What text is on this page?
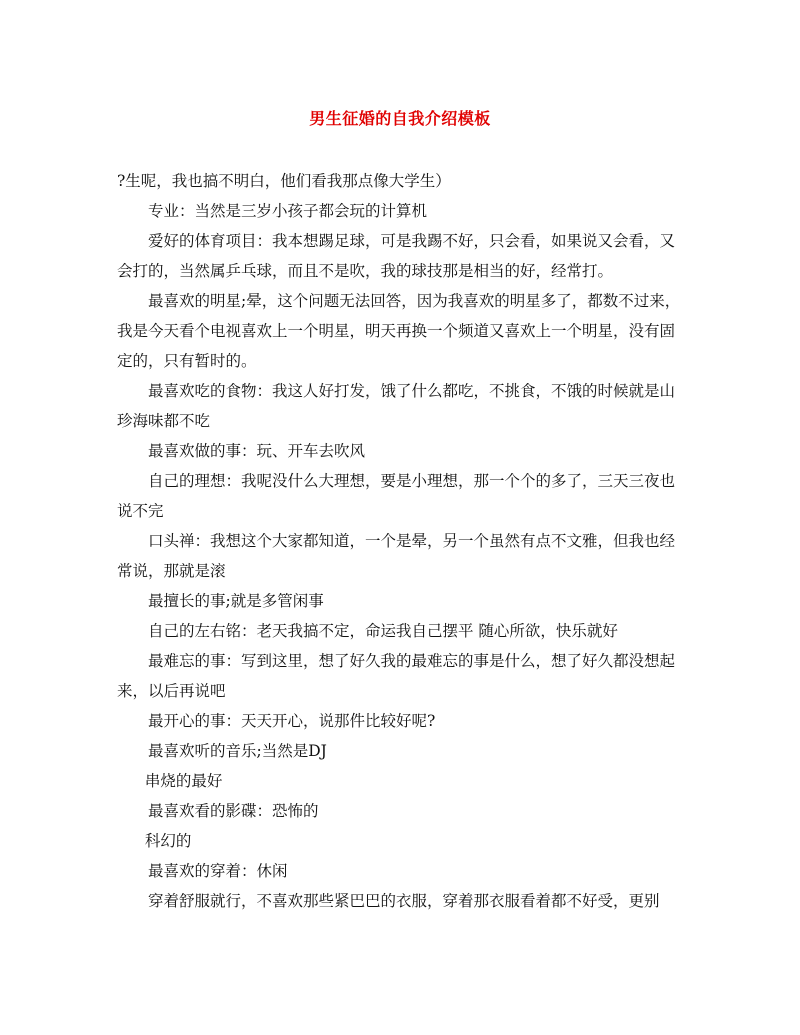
男生征婚的自我介绍模板

?生呢，我也搞不明白，他们看我那点像大学生）

专业：当然是三岁小孩子都会玩的计算机

爱好的体育项目：我本想踢足球，可是我踢不好，只会看，如果说又会看，又会打的，当然属乒乓球，而且不是吹，我的球技那是相当的好，经常打。

最喜欢的明星;晕，这个问题无法回答，因为我喜欢的明星多了，都数不过来，我是今天看个电视喜欢上一个明星，明天再换一个频道又喜欢上一个明星，没有固定的，只有暂时的。

最喜欢吃的食物：我这人好打发，饿了什么都吃，不挑食，不饿的时候就是山珍海味都不吃

最喜欢做的事：玩、开车去吹风

自己的理想：我呢没什么大理想，要是小理想，那一个个的多了，三天三夜也说不完

口头禅：我想这个大家都知道，一个是晕，另一个虽然有点不文雅，但我也经常说，那就是滚

最擅长的事;就是多管闲事

自己的左右铭：老天我搞不定，命运我自己摆平 随心所欲，快乐就好

最难忘的事：写到这里，想了好久我的最难忘的事是什么，想了好久都没想起来，以后再说吧

最开心的事：天天开心，说那件比较好呢?

最喜欢听的音乐;当然是DJ

串烧的最好

最喜欢看的影碟：恐怖的

科幻的

最喜欢的穿着：休闲

穿着舒服就行，不喜欢那些紧巴巴的衣服，穿着那衣服看着都不好受，更别
